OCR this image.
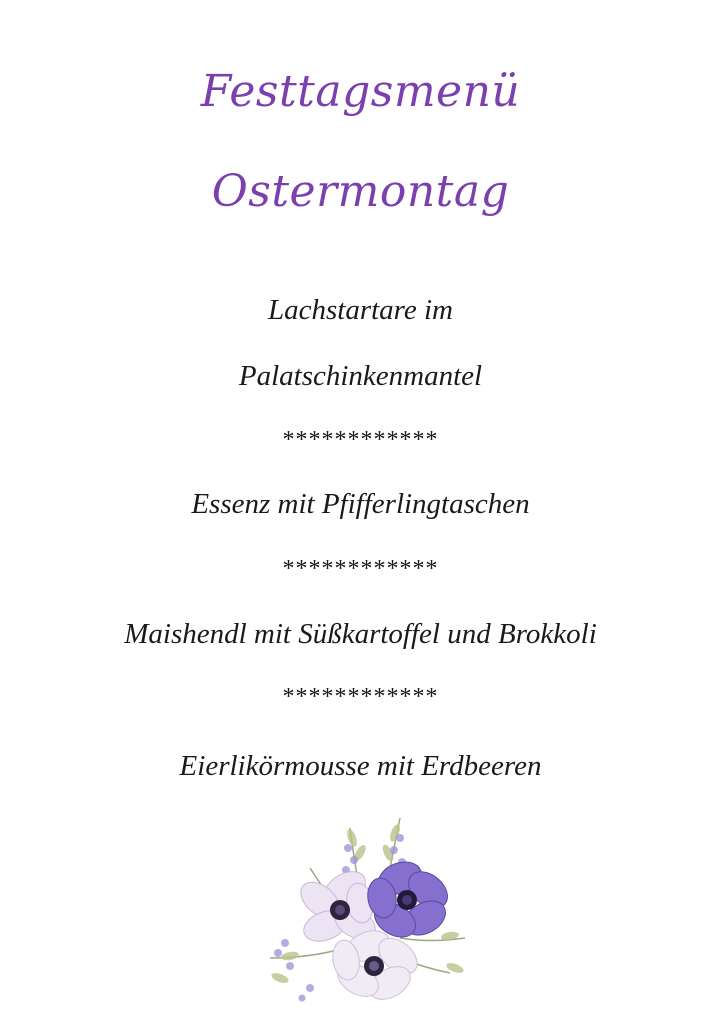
Festtagsmenü
Ostermontag
Lachstartare im
Palatschinkenmantel
************
Essenz mit Pfifferlingtaschen
************
Maishendl mit Süßkartoffel und Brokkoli
************
Eierlikörmousse mit Erdbeeren
